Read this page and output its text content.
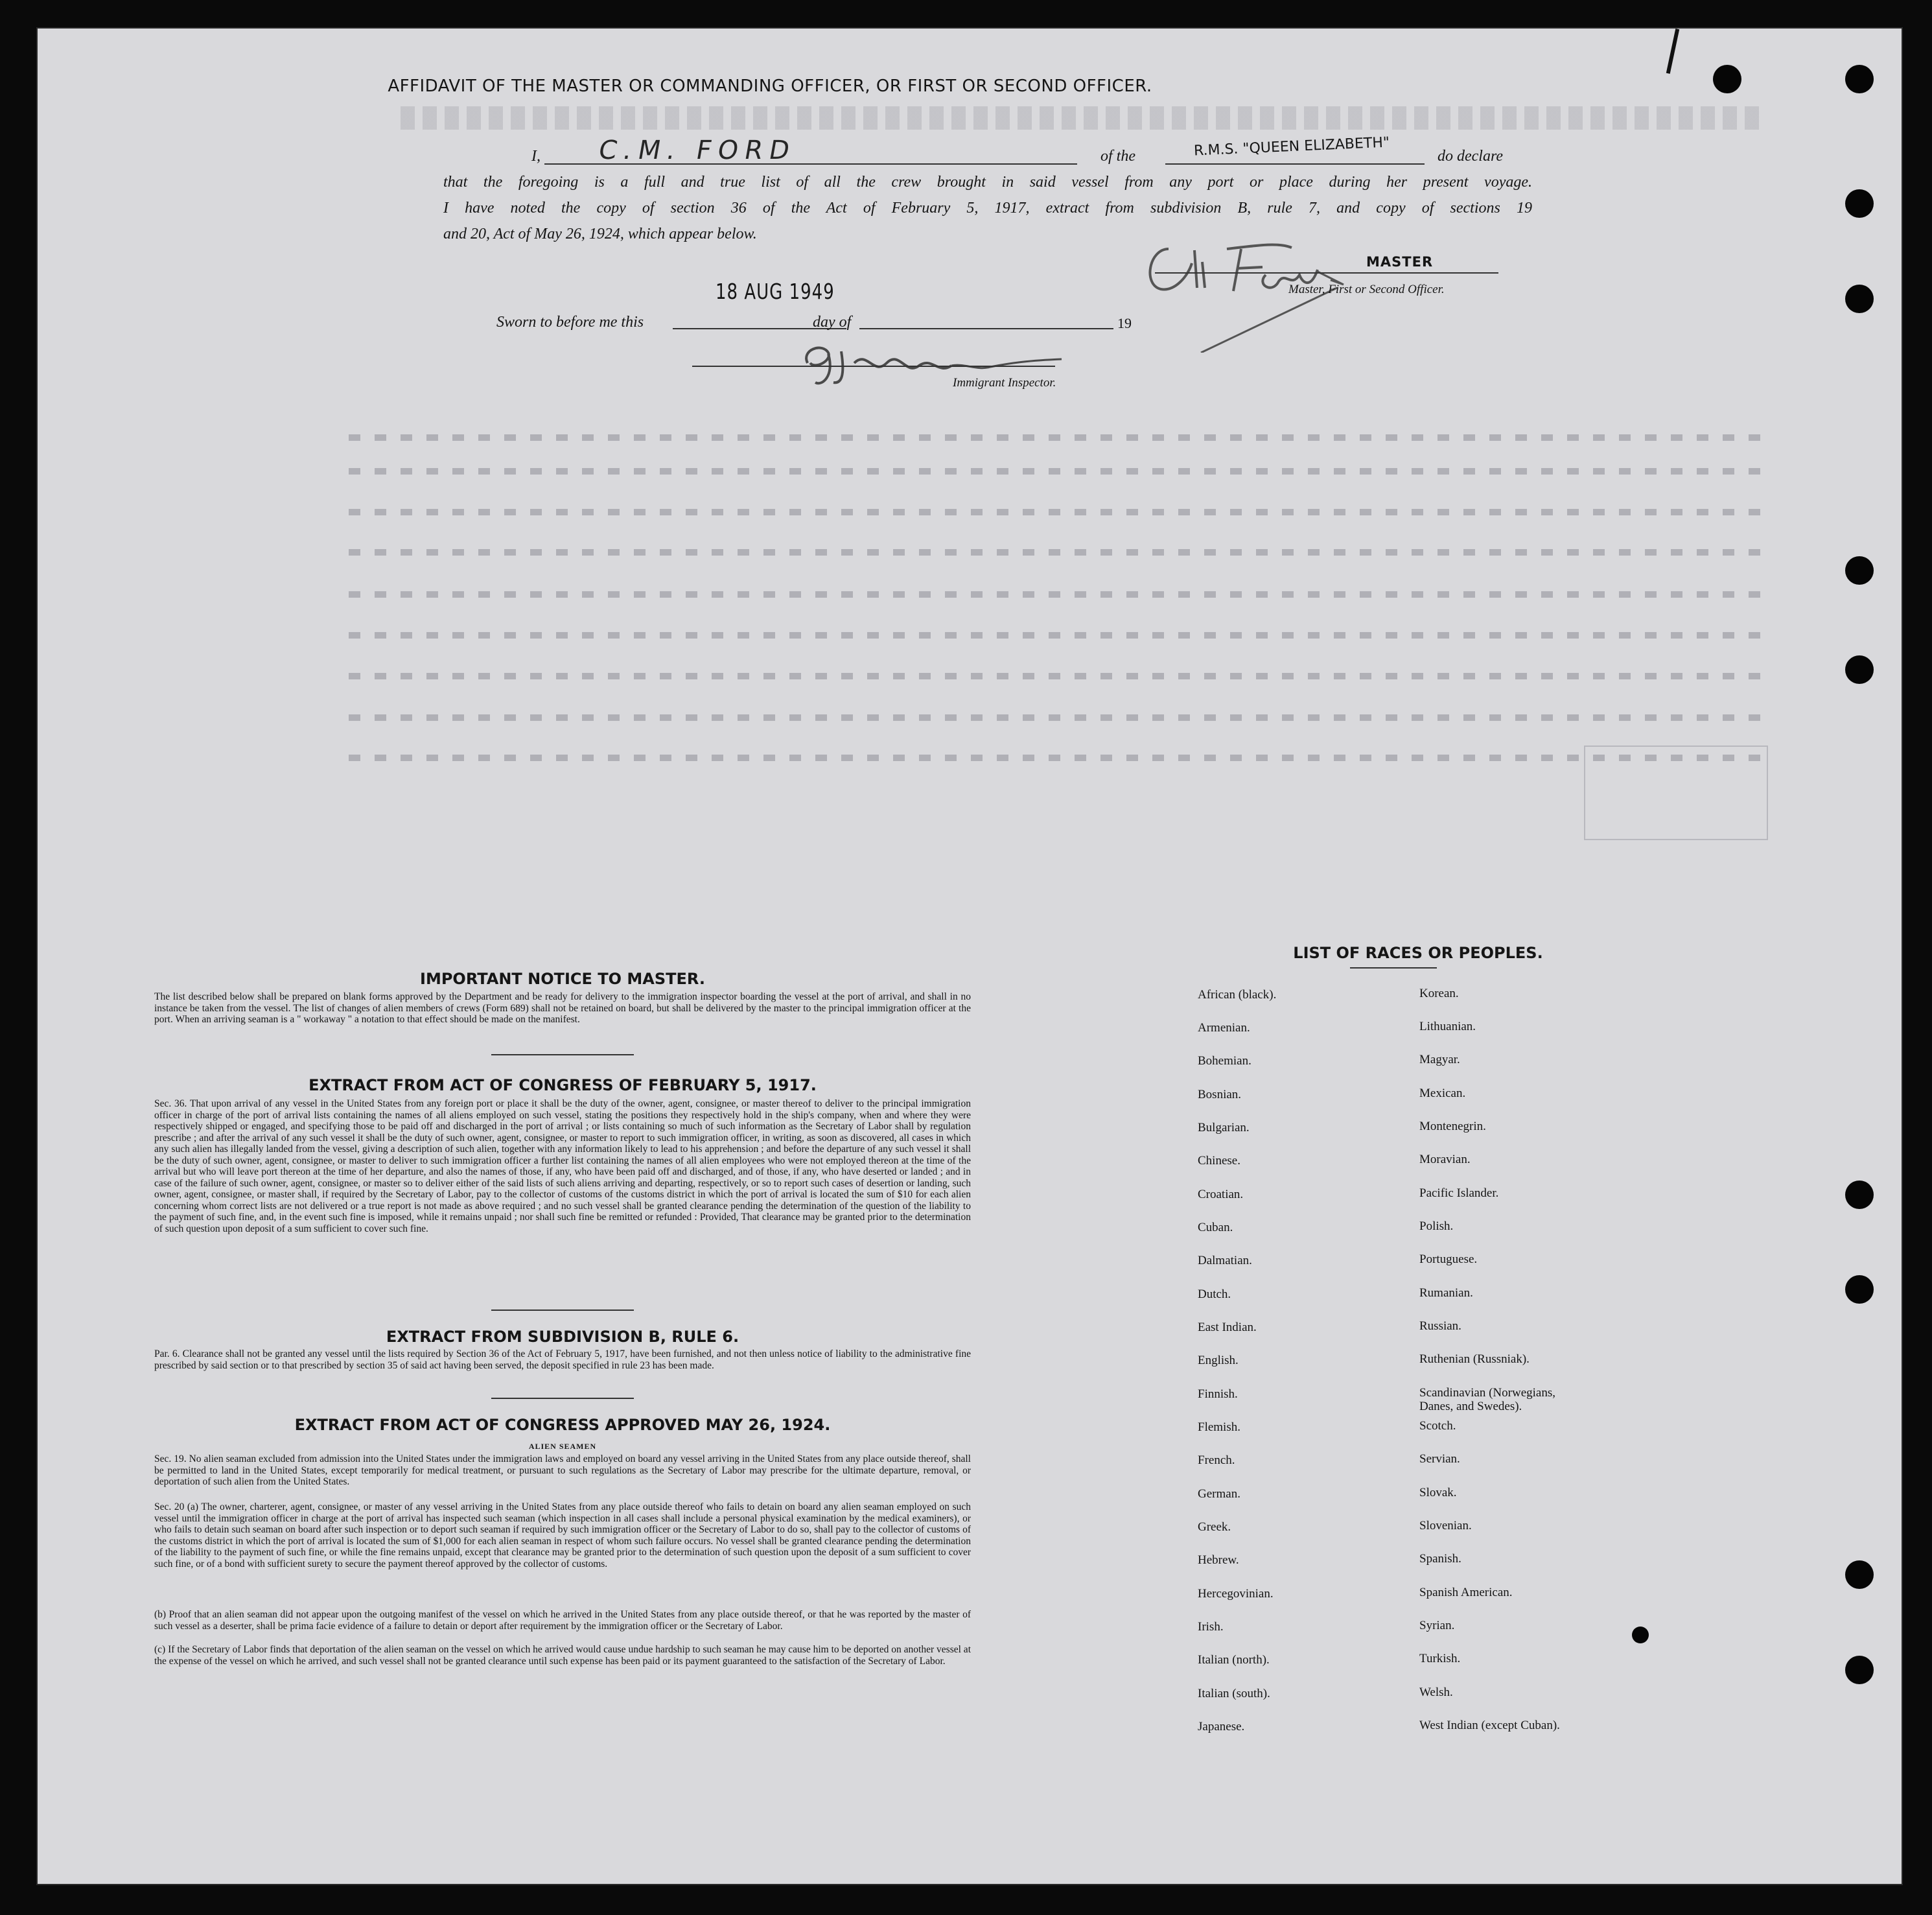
AFFIDAVIT OF THE MASTER OR COMMANDING OFFICER, OR FIRST OR SECOND OFFICER.
I, C.M. FORD	of the	R.M.S. "QUEEN ELIZABETH"	do declare
that the foregoing is a full and true list of all the crew brought in said vessel from any port or place during her present voyage.
I have noted the copy of section 36 of the Act of February 5, 1917, extract from subdivision B, rule 7, and copy of sections 19
and 20, Act of May 26, 1924, which appear below.
MASTER
Master, First or Second Officer.
18 AUG 1949
Sworn to before me this	day of	19
Immigrant Inspector.
IMPORTANT NOTICE TO MASTER.
The list described below shall be prepared on blank forms approved by the Department and be ready for delivery to the immigration inspector boarding the vessel at the port of arrival, and shall in no instance be taken from the vessel. The list of changes of alien members of crews (Form 689) shall not be retained on board, but shall be delivered by the master to the principal immigration officer at the port. When an arriving seaman is a " workaway " a notation to that effect should be made on the manifest.
EXTRACT FROM ACT OF CONGRESS OF FEBRUARY 5, 1917.
Sec. 36. That upon arrival of any vessel in the United States from any foreign port or place it shall be the duty of the owner, agent, consignee, or master thereof to deliver to the principal immigration officer in charge of the port of arrival lists containing the names of all aliens employed on such vessel, stating the positions they respectively hold in the ship's company, when and where they were respectively shipped or engaged, and specifying those to be paid off and discharged in the port of arrival ; or lists containing so much of such information as the Secretary of Labor shall by regulation prescribe ; and after the arrival of any such vessel it shall be the duty of such owner, agent, consignee, or master to report to such immigration officer, in writing, as soon as discovered, all cases in which any such alien has illegally landed from the vessel, giving a description of such alien, together with any information likely to lead to his apprehension ; and before the departure of any such vessel it shall be the duty of such owner, agent, consignee, or master to deliver to such immigration officer a further list containing the names of all alien employees who were not employed thereon at the time of the arrival but who will leave port thereon at the time of her departure, and also the names of those, if any, who have been paid off and discharged, and of those, if any, who have deserted or landed ; and in case of the failure of such owner, agent, consignee, or master so to deliver either of the said lists of such aliens arriving and departing, respectively, or so to report such cases of desertion or landing, such owner, agent, consignee, or master shall, if required by the Secretary of Labor, pay to the collector of customs of the customs district in which the port of arrival is located the sum of $10 for each alien concerning whom correct lists are not delivered or a true report is not made as above required ; and no such vessel shall be granted clearance pending the determination of the question of the liability to the payment of such fine, and, in the event such fine is imposed, while it remains unpaid ; nor shall such fine be remitted or refunded : Provided, That clearance may be granted prior to the determination of such question upon deposit of a sum sufficient to cover such fine.
EXTRACT FROM SUBDIVISION B, RULE 6.
Par. 6. Clearance shall not be granted any vessel until the lists required by Section 36 of the Act of February 5, 1917, have been furnished, and not then unless notice of liability to the administrative fine prescribed by said section or to that prescribed by section 35 of said act having been served, the deposit specified in rule 23 has been made.
EXTRACT FROM ACT OF CONGRESS APPROVED MAY 26, 1924.
ALIEN SEAMEN
Sec. 19. No alien seaman excluded from admission into the United States under the immigration laws and employed on board any vessel arriving in the United States from any place outside thereof, shall be permitted to land in the United States, except temporarily for medical treatment, or pursuant to such regulations as the Secretary of Labor may prescribe for the ultimate departure, removal, or deportation of such alien from the United States.
Sec. 20 (a) The owner, charterer, agent, consignee, or master of any vessel arriving in the United States from any place outside thereof who fails to detain on board any alien seaman employed on such vessel until the immigration officer in charge at the port of arrival has inspected such seaman (which inspection in all cases shall include a personal physical examination by the medical examiners), or who fails to detain such seaman on board after such inspection or to deport such seaman if required by such immigration officer or the Secretary of Labor to do so, shall pay to the collector of customs of the customs district in which the port of arrival is located the sum of $1,000 for each alien seaman in respect of whom such failure occurs. No vessel shall be granted clearance pending the determination of the liability to the payment of such fine, or while the fine remains unpaid, except that clearance may be granted prior to the determination of such question upon the deposit of a sum sufficient to cover such fine, or of a bond with sufficient surety to secure the payment thereof approved by the collector of customs.
(b) Proof that an alien seaman did not appear upon the outgoing manifest of the vessel on which he arrived in the United States from any place outside thereof, or that he was reported by the master of such vessel as a deserter, shall be prima facie evidence of a failure to detain or deport after requirement by the immigration officer or the Secretary of Labor.
(c) If the Secretary of Labor finds that deportation of the alien seaman on the vessel on which he arrived would cause undue hardship to such seaman he may cause him to be deported on another vessel at the expense of the vessel on which he arrived, and such vessel shall not be granted clearance until such expense has been paid or its payment guaranteed to the satisfaction of the Secretary of Labor.
LIST OF RACES OR PEOPLES.
African (black).
Armenian.
Bohemian.
Bosnian.
Bulgarian.
Chinese.
Croatian.
Cuban.
Dalmatian.
Dutch.
East Indian.
English.
Finnish.
Flemish.
French.
German.
Greek.
Hebrew.
Hercegovinian.
Irish.
Italian (north).
Italian (south).
Japanese.
Korean.
Lithuanian.
Magyar.
Mexican.
Montenegrin.
Moravian.
Pacific Islander.
Polish.
Portuguese.
Rumanian.
Russian.
Ruthenian (Russniak).
Scandinavian (Norwegians, Danes, and Swedes).
Scotch.
Servian.
Slovak.
Slovenian.
Spanish.
Spanish American.
Syrian.
Turkish.
Welsh.
West Indian (except Cuban).
